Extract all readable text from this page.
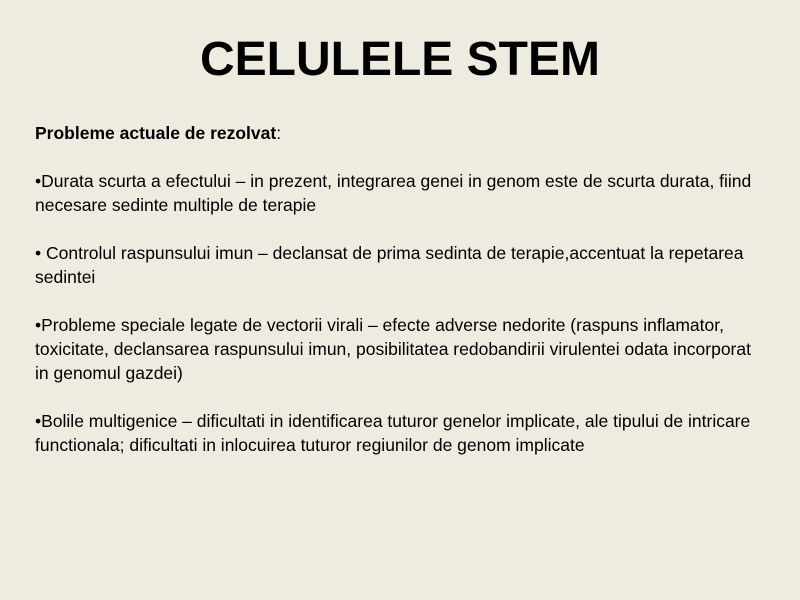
CELULELE STEM

Probleme actuale de rezolvat:

•Durata scurta a efectului – in prezent, integrarea genei in genom este de scurta durata, fiind necesare sedinte multiple de terapie

• Controlul raspunsului imun – declansat de prima sedinta de terapie,accentuat la repetarea sedintei

•Probleme speciale legate de vectorii virali – efecte adverse nedorite (raspuns inflamator, toxicitate, declansarea raspunsului imun, posibilitatea redobandirii virulentei odata incorporat in genomul gazdei)

•Bolile multigenice – dificultati in identificarea tuturor genelor implicate, ale tipului de intricare functionala; dificultati in inlocuirea tuturor regiunilor de genom implicate
